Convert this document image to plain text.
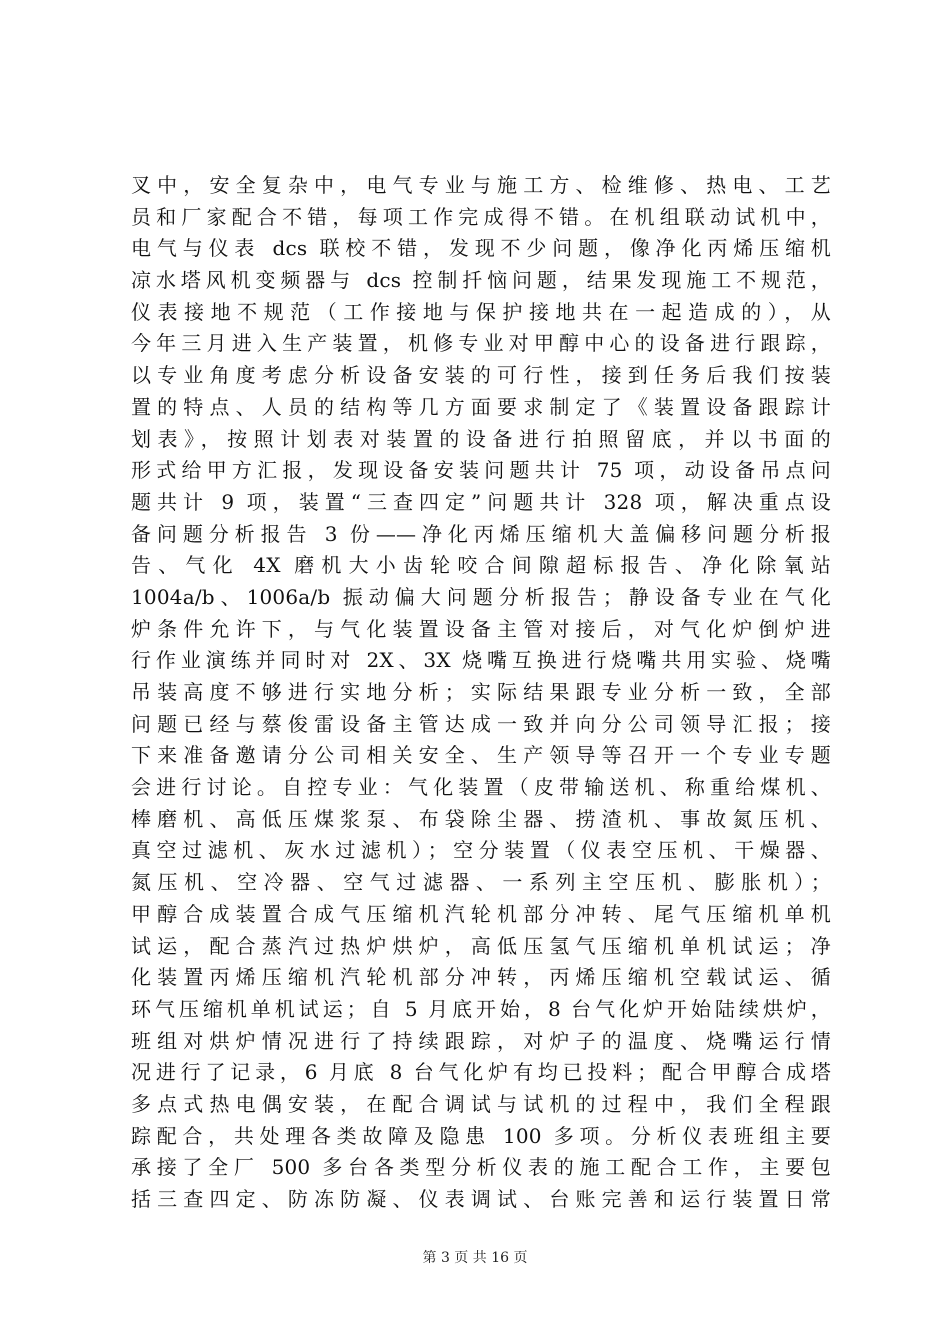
叉中，安全复杂中，电气专业与施工方、检维修、热电、工艺
员和厂家配合不错，每项工作完成得不错。在机组联动试机中，
电气与仪表 dcs 联校不错，发现不少问题，像净化丙烯压缩机
凉水塔风机变频器与 dcs 控制扦恼问题，结果发现施工不规范，
仪表接地不规范（工作接地与保护接地共在一起造成的），从
今年三月进入生产装置，机修专业对甲醇中心的设备进行跟踪，
以专业角度考虑分析设备安装的可行性，接到任务后我们按装
置的特点、人员的结构等几方面要求制定了《装置设备跟踪计
划表》，按照计划表对装置的设备进行拍照留底，并以书面的
形式给甲方汇报，发现设备安装问题共计 75 项，动设备吊点问
题共计 9 项，装置“三查四定”问题共计 328 项，解决重点设
备问题分析报告 3 份——净化丙烯压缩机大盖偏移问题分析报
告、气化 4X 磨机大小齿轮咬合间隙超标报告、净化除氧站
1004a/b、1006a/b 振动偏大问题分析报告；静设备专业在气化
炉条件允许下，与气化装置设备主管对接后，对气化炉倒炉进
行作业演练并同时对 2X、3X 烧嘴互换进行烧嘴共用实验、烧嘴
吊装高度不够进行实地分析；实际结果跟专业分析一致，全部
问题已经与蔡俊雷设备主管达成一致并向分公司领导汇报；接
下来准备邀请分公司相关安全、生产领导等召开一个专业专题
会进行讨论。自控专业：气化装置（皮带输送机、称重给煤机、
棒磨机、高低压煤浆泵、布袋除尘器、捞渣机、事故氮压机、
真空过滤机、灰水过滤机）；空分装置（仪表空压机、干燥器、
氮压机、空冷器、空气过滤器、一系列主空压机、膨胀机）；
甲醇合成装置合成气压缩机汽轮机部分冲转、尾气压缩机单机
试运，配合蒸汽过热炉烘炉，高低压氢气压缩机单机试运；净
化装置丙烯压缩机汽轮机部分冲转，丙烯压缩机空载试运、循
环气压缩机单机试运；自 5 月底开始，8 台气化炉开始陆续烘炉，
班组对烘炉情况进行了持续跟踪，对炉子的温度、烧嘴运行情
况进行了记录，6 月底 8 台气化炉有均已投料；配合甲醇合成塔
多点式热电偶安装，在配合调试与试机的过程中，我们全程跟
踪配合，共处理各类故障及隐患 100 多项。分析仪表班组主要
承接了全厂 500 多台各类型分析仪表的施工配合工作，主要包
括三查四定、防冻防凝、仪表调试、台账完善和运行装置日常
第 3 页 共 16 页
